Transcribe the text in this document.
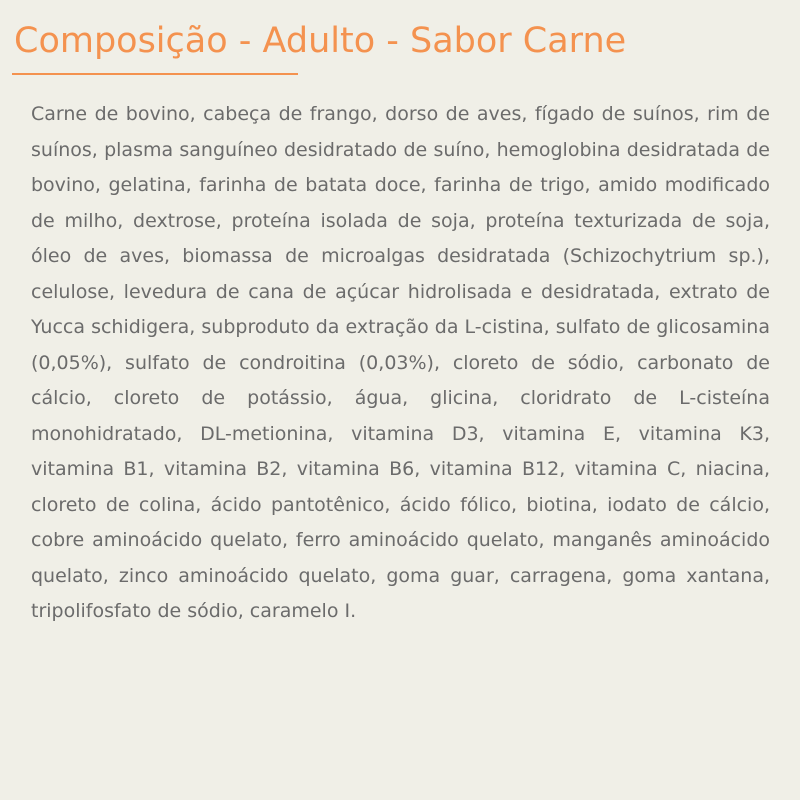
Composição - Adulto - Sabor Carne

Carne de bovino, cabeça de frango, dorso de aves, fígado de suínos, rim de suínos, plasma sanguíneo desidratado de suíno, hemoglobina desidratada de bovino, gelatina, farinha de batata doce, farinha de trigo, amido modificado de milho, dextrose, proteína isolada de soja, proteína texturizada de soja, óleo de aves, biomassa de microalgas desidratada (Schizochytrium sp.), celulose, levedura de cana de açúcar hidrolisada e desidratada, extrato de Yucca schidigera, subproduto da extração da L-cistina, sulfato de glicosamina (0,05%), sulfato de condroitina (0,03%), cloreto de sódio, carbonato de cálcio, cloreto de potássio, água, glicina, cloridrato de L-cisteína monohidratado, DL-metionina, vitamina D3, vitamina E, vitamina K3, vitamina B1, vitamina B2, vitamina B6, vitamina B12, vitamina C, niacina, cloreto de colina, ácido pantotênico, ácido fólico, biotina, iodato de cálcio, cobre aminoácido quelato, ferro aminoácido quelato, manganês aminoácido quelato, zinco aminoácido quelato, goma guar, carragena, goma xantana, tripolifosfato de sódio, caramelo I.
